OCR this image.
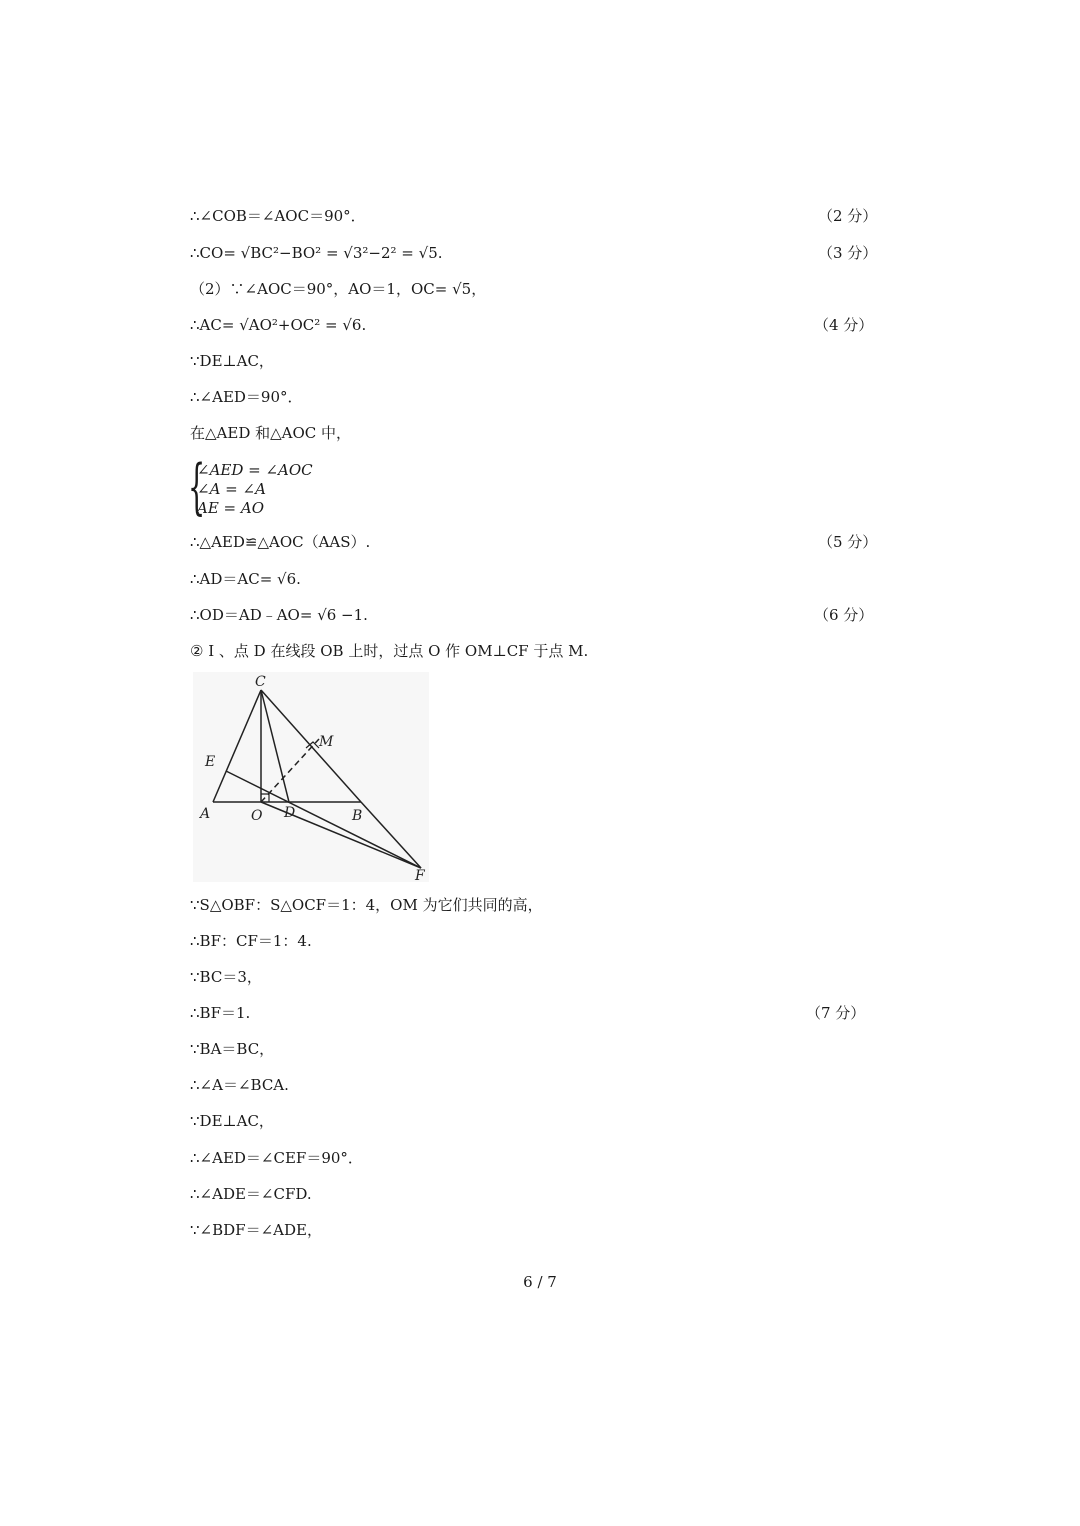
∴∠COB＝∠AOC＝90°．	（2 分）
∴CO= √BC²−BO² = √3²−2² = √5.	（3 分）
（2）∵∠AOC＝90°，AO＝1，OC= √5，
∴AC= √AO²+OC² = √6.	（4 分）
∵DE⊥AC，
∴∠AED＝90°．
在△AED 和△AOC 中，
{
∠AED = ∠AOC
∠A = ∠A
AE = AO
∴△AED≌△AOC（AAS）.	（5 分）
∴AD＝AC= √6.
∴OD＝AD﹣AO= √6 −1.	（6 分）
② I 、点 D 在线段 OB 上时，过点 O 作 OM⊥CF 于点 M.
C
M
E
A	O D	B
F
∵S△OBF：S△OCF＝1：4，OM 为它们共同的高，
∴BF：CF＝1：4.
∵BC＝3，
∴BF＝1.	（7 分）
∵BA＝BC，
∴∠A＝∠BCA.
∵DE⊥AC，
∴∠AED＝∠CEF＝90°．
∴∠ADE＝∠CFD.
∵∠BDF＝∠ADE，
6 / 7
